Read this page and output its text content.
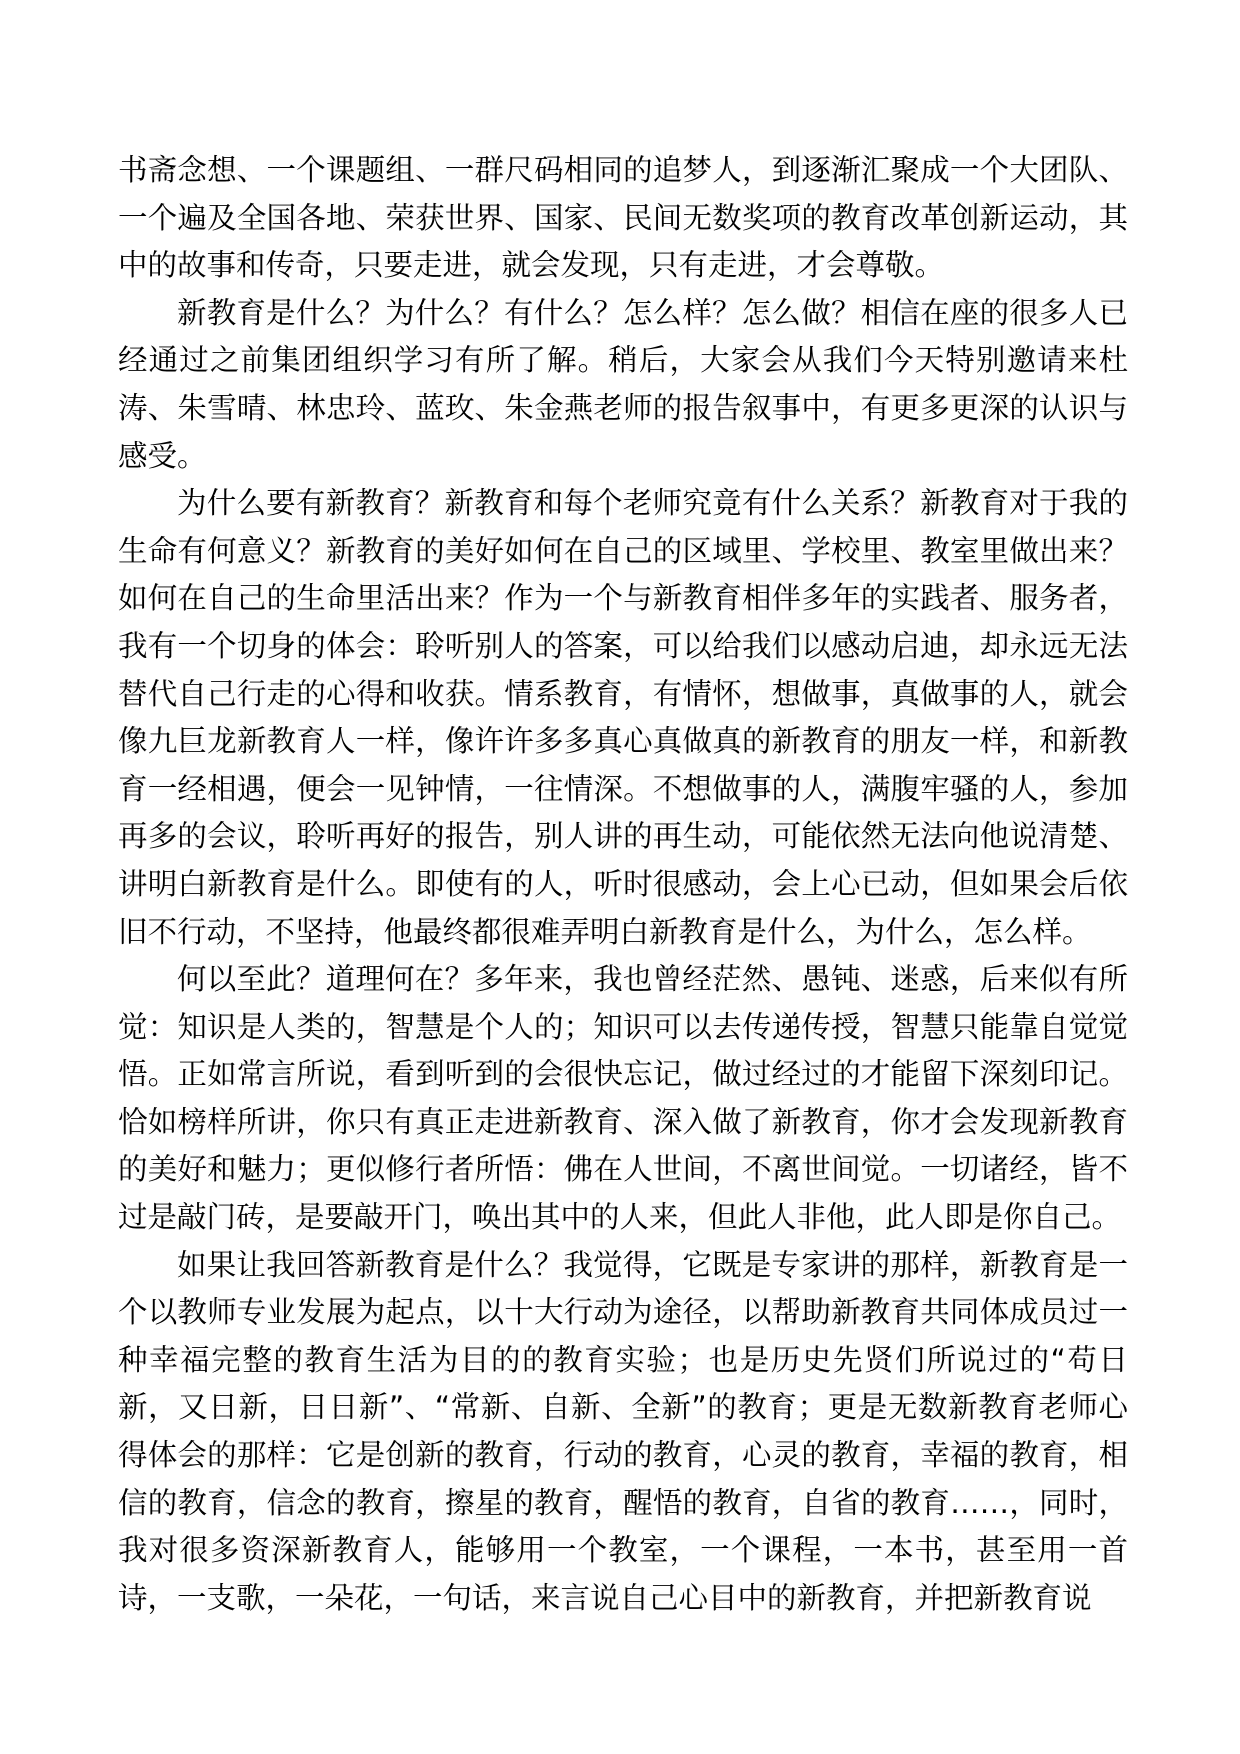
书斋念想、一个课题组、一群尺码相同的追梦人，到逐渐汇聚成一个大团队、一个遍及全国各地、荣获世界、国家、民间无数奖项的教育改革创新运动，其中的故事和传奇，只要走进，就会发现，只有走进，才会尊敬。

新教育是什么？为什么？有什么？怎么样？怎么做？相信在座的很多人已经通过之前集团组织学习有所了解。稍后，大家会从我们今天特别邀请来杜涛、朱雪晴、林忠玲、蓝玫、朱金燕老师的报告叙事中，有更多更深的认识与感受。

为什么要有新教育？新教育和每个老师究竟有什么关系？新教育对于我的生命有何意义？新教育的美好如何在自己的区域里、学校里、教室里做出来？如何在自己的生命里活出来？作为一个与新教育相伴多年的实践者、服务者，我有一个切身的体会：聆听别人的答案，可以给我们以感动启迪，却永远无法替代自己行走的心得和收获。情系教育，有情怀，想做事，真做事的人，就会像九巨龙新教育人一样，像许许多多真心真做真的新教育的朋友一样，和新教育一经相遇，便会一见钟情，一往情深。不想做事的人，满腹牢骚的人，参加再多的会议，聆听再好的报告，别人讲的再生动，可能依然无法向他说清楚、讲明白新教育是什么。即使有的人，听时很感动，会上心已动，但如果会后依旧不行动，不坚持，他最终都很难弄明白新教育是什么，为什么，怎么样。

何以至此？道理何在？多年来，我也曾经茫然、愚钝、迷惑，后来似有所觉：知识是人类的，智慧是个人的；知识可以去传递传授，智慧只能靠自觉觉悟。正如常言所说，看到听到的会很快忘记，做过经过的才能留下深刻印记。恰如榜样所讲，你只有真正走进新教育、深入做了新教育，你才会发现新教育的美好和魅力；更似修行者所悟：佛在人世间，不离世间觉。一切诸经，皆不过是敲门砖，是要敲开门，唤出其中的人来，但此人非他，此人即是你自己。

如果让我回答新教育是什么？我觉得，它既是专家讲的那样，新教育是一个以教师专业发展为起点，以十大行动为途径，以帮助新教育共同体成员过一种幸福完整的教育生活为目的的教育实验；也是历史先贤们所说过的“苟日新，又日新，日日新”、“常新、自新、全新”的教育；更是无数新教育老师心得体会的那样：它是创新的教育，行动的教育，心灵的教育，幸福的教育，相信的教育，信念的教育，擦星的教育，醒悟的教育，自省的教育……，同时，我对很多资深新教育人，能够用一个教室，一个课程，一本书，甚至用一首诗，一支歌，一朵花，一句话，来言说自己心目中的新教育，并把新教育说
